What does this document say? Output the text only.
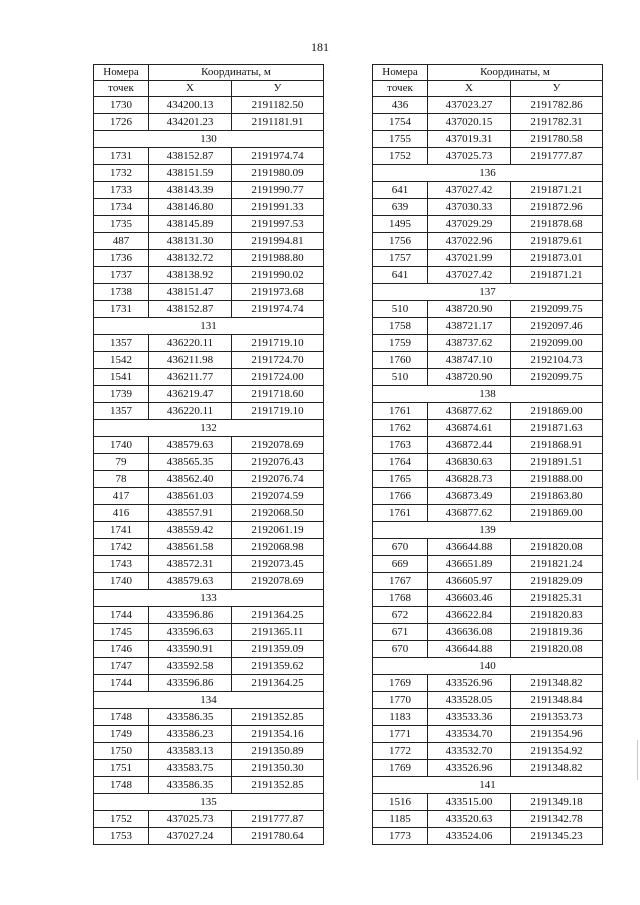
181
Номера	Координаты, м	
точек	X	У
1730	434200.13	2191182.50
1726	434201.23	2191181.91
130		
1731	438152.87	2191974.74
1732	438151.59	2191980.09
1733	438143.39	2191990.77
1734	438146.80	2191991.33
1735	438145.89	2191997.53
487	438131.30	2191994.81
1736	438132.72	2191988.80
1737	438138.92	2191990.02
1738	438151.47	2191973.68
1731	438152.87	2191974.74
131		
1357	436220.11	2191719.10
1542	436211.98	2191724.70
1541	436211.77	2191724.00
1739	436219.47	2191718.60
1357	436220.11	2191719.10
132		
1740	438579.63	2192078.69
79	438565.35	2192076.43
78	438562.40	2192076.74
417	438561.03	2192074.59
416	438557.91	2192068.50
1741	438559.42	2192061.19
1742	438561.58	2192068.98
1743	438572.31	2192073.45
1740	438579.63	2192078.69
133		
1744	433596.86	2191364.25
1745	433596.63	2191365.11
1746	433590.91	2191359.09
1747	433592.58	2191359.62
1744	433596.86	2191364.25
134		
1748	433586.35	2191352.85
1749	433586.23	2191354.16
1750	433583.13	2191350.89
1751	433583.75	2191350.30
1748	433586.35	2191352.85
135		
1752	437025.73	2191777.87
1753	437027.24	2191780.64
Номера	Координаты, м	
точек	X	У
436	437023.27	2191782.86
1754	437020.15	2191782.31
1755	437019.31	2191780.58
1752	437025.73	2191777.87
136		
641	437027.42	2191871.21
639	437030.33	2191872.96
1495	437029.29	2191878.68
1756	437022.96	2191879.61
1757	437021.99	2191873.01
641	437027.42	2191871.21
137		
510	438720.90	2192099.75
1758	438721.17	2192097.46
1759	438737.62	2192099.00
1760	438747.10	2192104.73
510	438720.90	2192099.75
138		
1761	436877.62	2191869.00
1762	436874.61	2191871.63
1763	436872.44	2191868.91
1764	436830.63	2191891.51
1765	436828.73	2191888.00
1766	436873.49	2191863.80
1761	436877.62	2191869.00
139		
670	436644.88	2191820.08
669	436651.89	2191821.24
1767	436605.97	2191829.09
1768	436603.46	2191825.31
672	436622.84	2191820.83
671	436636.08	2191819.36
670	436644.88	2191820.08
140		
1769	433526.96	2191348.82
1770	433528.05	2191348.84
1183	433533.36	2191353.73
1771	433534.70	2191354.96
1772	433532.70	2191354.92
1769	433526.96	2191348.82
141		
1516	433515.00	2191349.18
1185	433520.63	2191342.78
1773	433524.06	2191345.23
